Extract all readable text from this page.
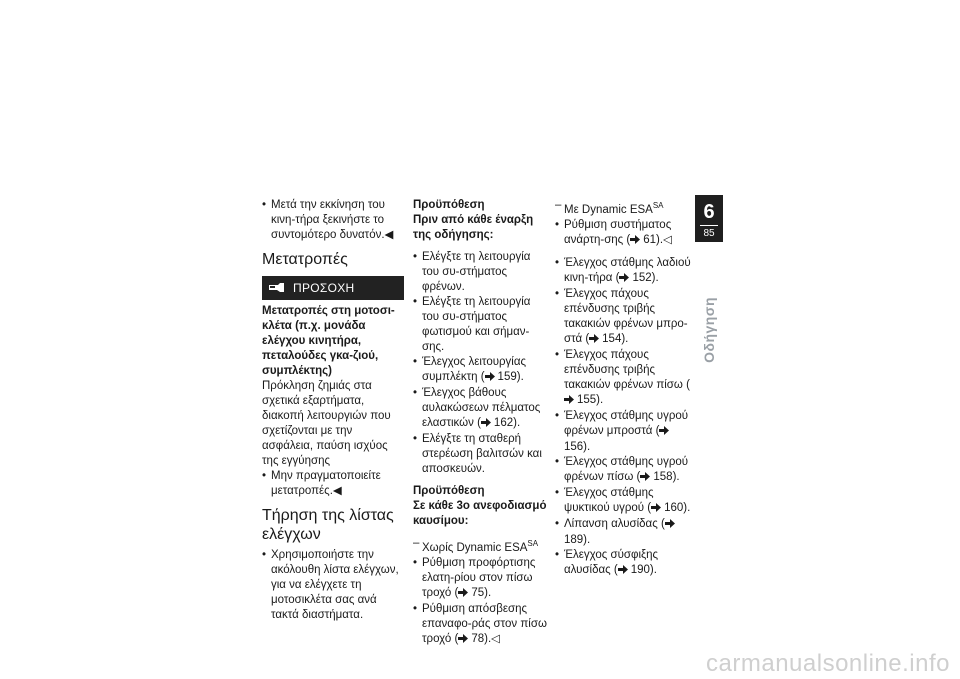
• Μετά την εκκίνηση του κινη-τήρα ξεκινήστε το συντομότερο δυνατόν.◀
Μετατροπές
ΠΡΟΣΟΧΗ
Μετατροπές στη μοτοσι-κλέτα (π.χ. μονάδα ελέγχου κινητήρα, πεταλούδες γκα-ζιού, συμπλέκτης)
Πρόκληση ζημιάς στα σχετικά εξαρτήματα, διακοπή λειτουργιών που σχετίζονται με την ασφάλεια, παύση ισχύος της εγγύησης
• Μην πραγματοποιείτε μετατροπές.◀
Τήρηση της λίστας ελέγχων
• Χρησιμοποιήστε την ακόλουθη λίστα ελέγχων, για να ελέγχετε τη μοτοσικλέτα σας ανά τακτά διαστήματα.
Προϋπόθεση
Πριν από κάθε έναρξη της οδήγησης:
• Ελέγξτε τη λειτουργία του συ-στήματος φρένων.
• Ελέγξτε τη λειτουργία του συ-στήματος φωτισμού και σήμαν-σης.
• Έλεγχος λειτουργίας συμπλέκτη ( 159).
• Έλεγχος βάθους αυλακώσεων πέλματος ελαστικών ( 162).
• Ελέγξτε τη σταθερή στερέωση βαλιτσών και αποσκευών.
Προϋπόθεση
Σε κάθε 3ο ανεφοδιασμό καυσίμου:
– Χωρίς Dynamic $ESA^{SA}$
• Ρύθμιση προφόρτισης ελατη-ρίου στον πίσω τροχό ( 75).
• Ρύθμιση απόσβεσης επαναφο-ράς στον πίσω τροχό ( 78).◁
– Με Dynamic $ESA^{SA}$
• Ρύθμιση συστήματος ανάρτη-σης ( 61).◁
• Έλεγχος στάθμης λαδιού κινη-τήρα ( 152).
• Έλεγχος πάχους επένδυσης τριβής τακακιών φρένων μπρο-στά ( 154).
• Έλεγχος πάχους επένδυσης τριβής τακακιών φρένων πίσω (155).
• Έλεγχος στάθμης υγρού φρένων μπροστά (156).
• Έλεγχος στάθμης υγρού φρένων πίσω ( 158).
• Έλεγχος στάθμης ψυκτικού υγρού ( 160).
• Λίπανση αλυσίδας (189).
• Έλεγχος σύσφιξης αλυσίδας ( 190).
6
85
Οδήγηση
carmanualsonline.info
